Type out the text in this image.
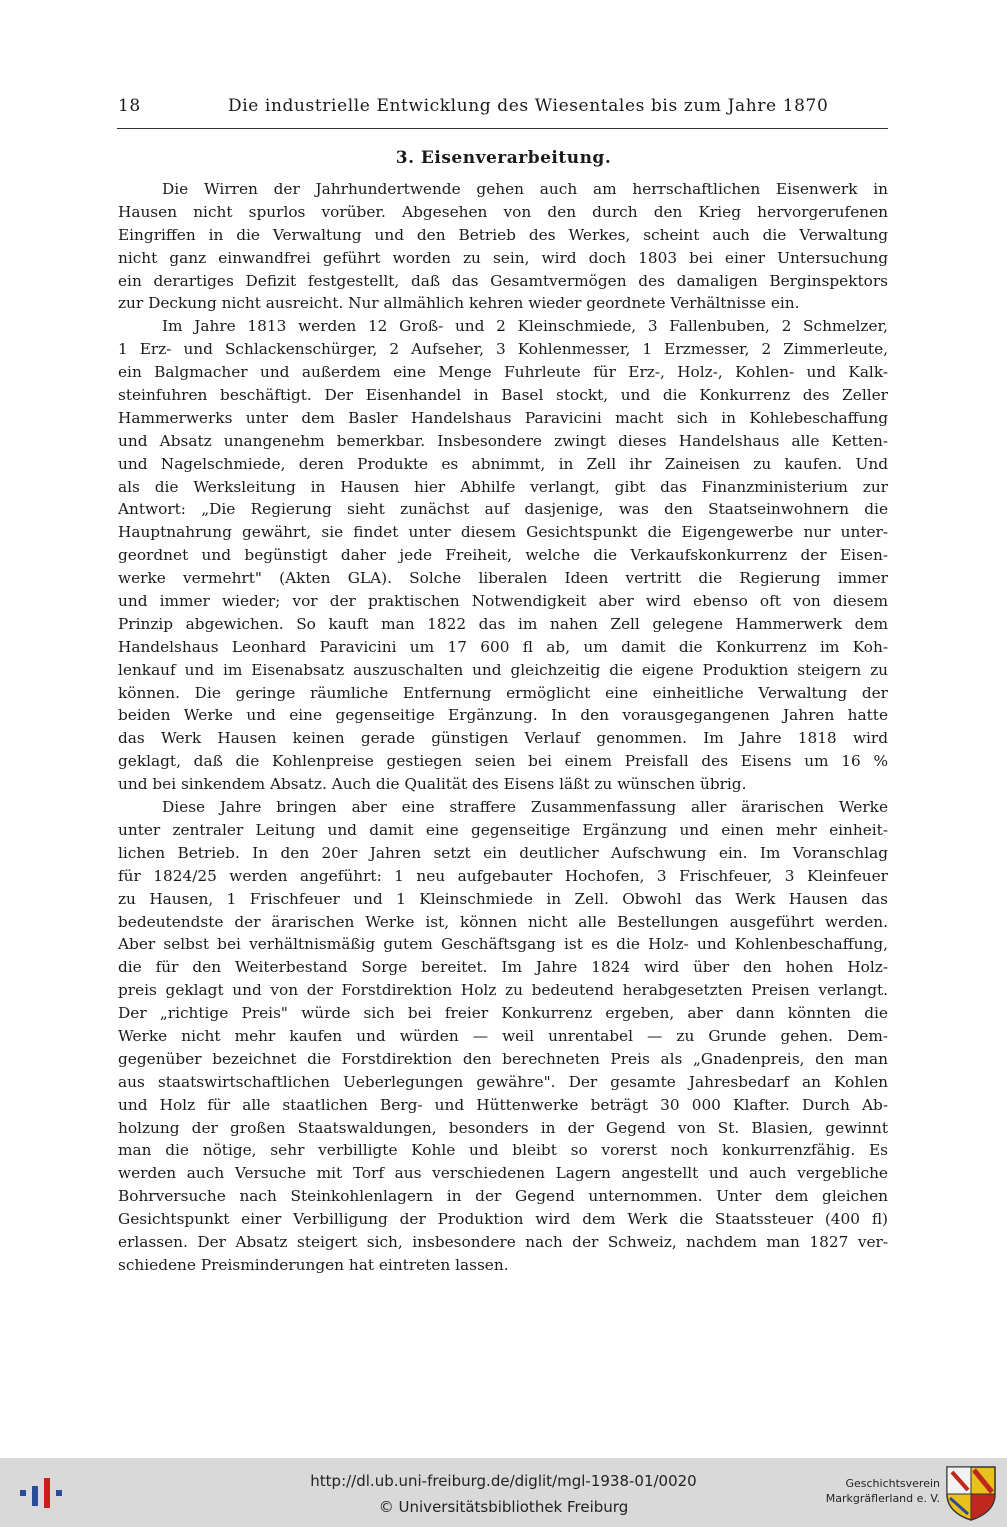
18	Die industrielle Entwicklung des Wiesentales bis zum Jahre 1870
3. Eisenverarbeitung.
Die Wirren der Jahrhundertwende gehen auch am herrschaftlichen Eisenwerk in
Hausen nicht spurlos vorüber. Abgesehen von den durch den Krieg hervorgerufenen
Eingriffen in die Verwaltung und den Betrieb des Werkes, scheint auch die Verwaltung
nicht ganz einwandfrei geführt worden zu sein, wird doch 1803 bei einer Untersuchung
ein derartiges Defizit festgestellt, daß das Gesamtvermögen des damaligen Berginspektors
zur Deckung nicht ausreicht. Nur allmählich kehren wieder geordnete Verhältnisse ein.
Im Jahre 1813 werden 12 Groß- und 2 Kleinschmiede, 3 Fallenbuben, 2 Schmelzer,
1 Erz- und Schlackenschürger, 2 Aufseher, 3 Kohlenmesser, 1 Erzmesser, 2 Zimmerleute,
ein Balgmacher und außerdem eine Menge Fuhrleute für Erz-, Holz-, Kohlen- und Kalk-
steinfuhren beschäftigt. Der Eisenhandel in Basel stockt, und die Konkurrenz des Zeller
Hammerwerks unter dem Basler Handelshaus Paravicini macht sich in Kohlebeschaffung
und Absatz unangenehm bemerkbar. Insbesondere zwingt dieses Handelshaus alle Ketten-
und Nagelschmiede, deren Produkte es abnimmt, in Zell ihr Zaineisen zu kaufen. Und
als die Werksleitung in Hausen hier Abhilfe verlangt, gibt das Finanzministerium zur
Antwort: „Die Regierung sieht zunächst auf dasjenige, was den Staatseinwohnern die
Hauptnahrung gewährt, sie findet unter diesem Gesichtspunkt die Eigengewerbe nur unter-
geordnet und begünstigt daher jede Freiheit, welche die Verkaufskonkurrenz der Eisen-
werke vermehrt" (Akten GLA). Solche liberalen Ideen vertritt die Regierung immer
und immer wieder; vor der praktischen Notwendigkeit aber wird ebenso oft von diesem
Prinzip abgewichen. So kauft man 1822 das im nahen Zell gelegene Hammerwerk dem
Handelshaus Leonhard Paravicini um 17 600 fl ab, um damit die Konkurrenz im Koh-
lenkauf und im Eisenabsatz auszuschalten und gleichzeitig die eigene Produktion steigern zu
können. Die geringe räumliche Entfernung ermöglicht eine einheitliche Verwaltung der
beiden Werke und eine gegenseitige Ergänzung. In den vorausgegangenen Jahren hatte
das Werk Hausen keinen gerade günstigen Verlauf genommen. Im Jahre 1818 wird
geklagt, daß die Kohlenpreise gestiegen seien bei einem Preisfall des Eisens um 16 %
und bei sinkendem Absatz. Auch die Qualität des Eisens läßt zu wünschen übrig.
Diese Jahre bringen aber eine straffere Zusammenfassung aller ärarischen Werke
unter zentraler Leitung und damit eine gegenseitige Ergänzung und einen mehr einheit-
lichen Betrieb. In den 20er Jahren setzt ein deutlicher Aufschwung ein. Im Voranschlag
für 1824/25 werden angeführt: 1 neu aufgebauter Hochofen, 3 Frischfeuer, 3 Kleinfeuer
zu Hausen, 1 Frischfeuer und 1 Kleinschmiede in Zell. Obwohl das Werk Hausen das
bedeutendste der ärarischen Werke ist, können nicht alle Bestellungen ausgeführt werden.
Aber selbst bei verhältnismäßig gutem Geschäftsgang ist es die Holz- und Kohlenbeschaffung,
die für den Weiterbestand Sorge bereitet. Im Jahre 1824 wird über den hohen Holz-
preis geklagt und von der Forstdirektion Holz zu bedeutend herabgesetzten Preisen verlangt.
Der „richtige Preis" würde sich bei freier Konkurrenz ergeben, aber dann könnten die
Werke nicht mehr kaufen und würden — weil unrentabel — zu Grunde gehen. Dem-
gegenüber bezeichnet die Forstdirektion den berechneten Preis als „Gnadenpreis, den man
aus staatswirtschaftlichen Ueberlegungen gewähre". Der gesamte Jahresbedarf an Kohlen
und Holz für alle staatlichen Berg- und Hüttenwerke beträgt 30 000 Klafter. Durch Ab-
holzung der großen Staatswaldungen, besonders in der Gegend von St. Blasien, gewinnt
man die nötige, sehr verbilligte Kohle und bleibt so vorerst noch konkurrenzfähig. Es
werden auch Versuche mit Torf aus verschiedenen Lagern angestellt und auch vergebliche
Bohrversuche nach Steinkohlenlagern in der Gegend unternommen. Unter dem gleichen
Gesichtspunkt einer Verbilligung der Produktion wird dem Werk die Staatssteuer (400 fl)
erlassen. Der Absatz steigert sich, insbesondere nach der Schweiz, nachdem man 1827 ver-
schiedene Preisminderungen hat eintreten lassen.
http://dl.ub.uni-freiburg.de/diglit/mgl-1938-01/0020
© Universitätsbibliothek Freiburg
Geschichtsverein
Markgräflerland e. V.
